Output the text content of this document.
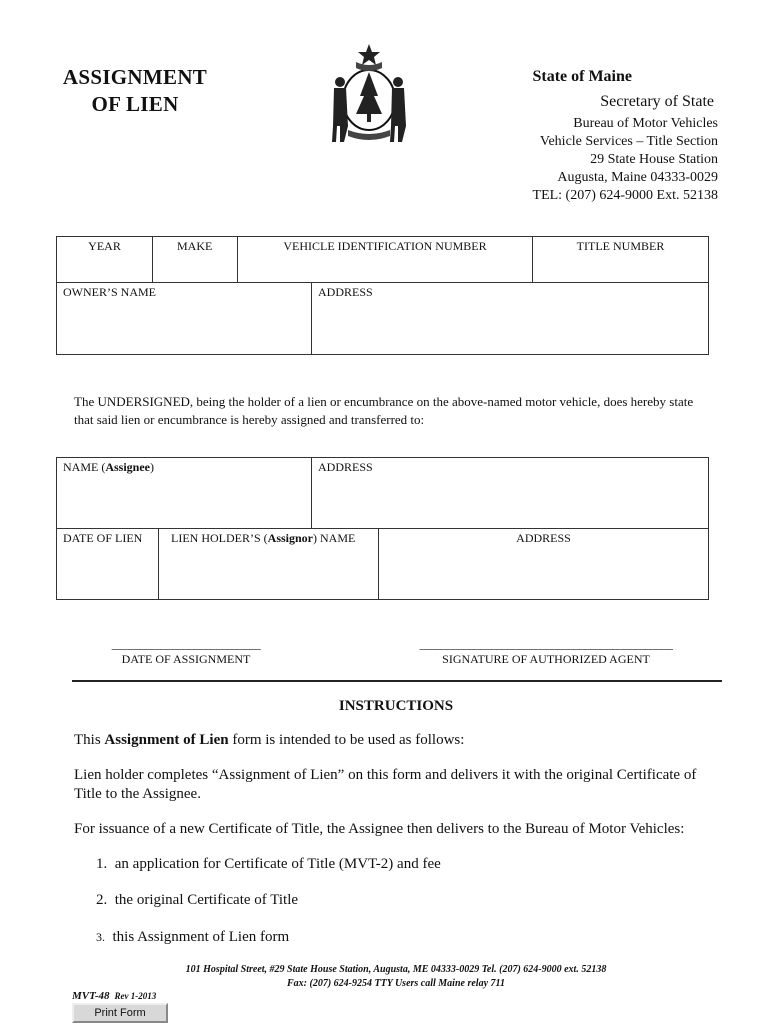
ASSIGNMENT
OF LIEN
State of Maine
Secretary of State
Bureau of Motor Vehicles
Vehicle Services – Title Section
29 State House Station
Augusta, Maine 04333-0029
TEL: (207) 624-9000 Ext. 52138
YEAR	MAKE	VEHICLE IDENTIFICATION NUMBER	TITLE NUMBER
OWNER’S NAME	ADDRESS
The UNDERSIGNED, being the holder of a lien or encumbrance on the above-named motor vehicle, does hereby state that said lien or encumbrance is hereby assigned and transferred to:
NAME (Assignee)	ADDRESS
DATE OF LIEN	LIEN HOLDER’S (Assignor) NAME	ADDRESS
___________________________
DATE OF ASSIGNMENT
______________________________________________
SIGNATURE OF AUTHORIZED AGENT
INSTRUCTIONS
This Assignment of Lien form is intended to be used as follows:
Lien holder completes “Assignment of Lien” on this form and delivers it with the original Certificate of Title to the Assignee.
For issuance of a new Certificate of Title, the Assignee then delivers to the Bureau of Motor Vehicles:
1. an application for Certificate of Title (MVT-2) and fee
2. the original Certificate of Title
3. this Assignment of Lien form
101 Hospital Street, #29 State House Station, Augusta, ME 04333-0029 Tel. (207) 624-9000 ext. 52138
Fax: (207) 624-9254 TTY Users call Maine relay 711
MVT-48 Rev 1-2013
Print Form
